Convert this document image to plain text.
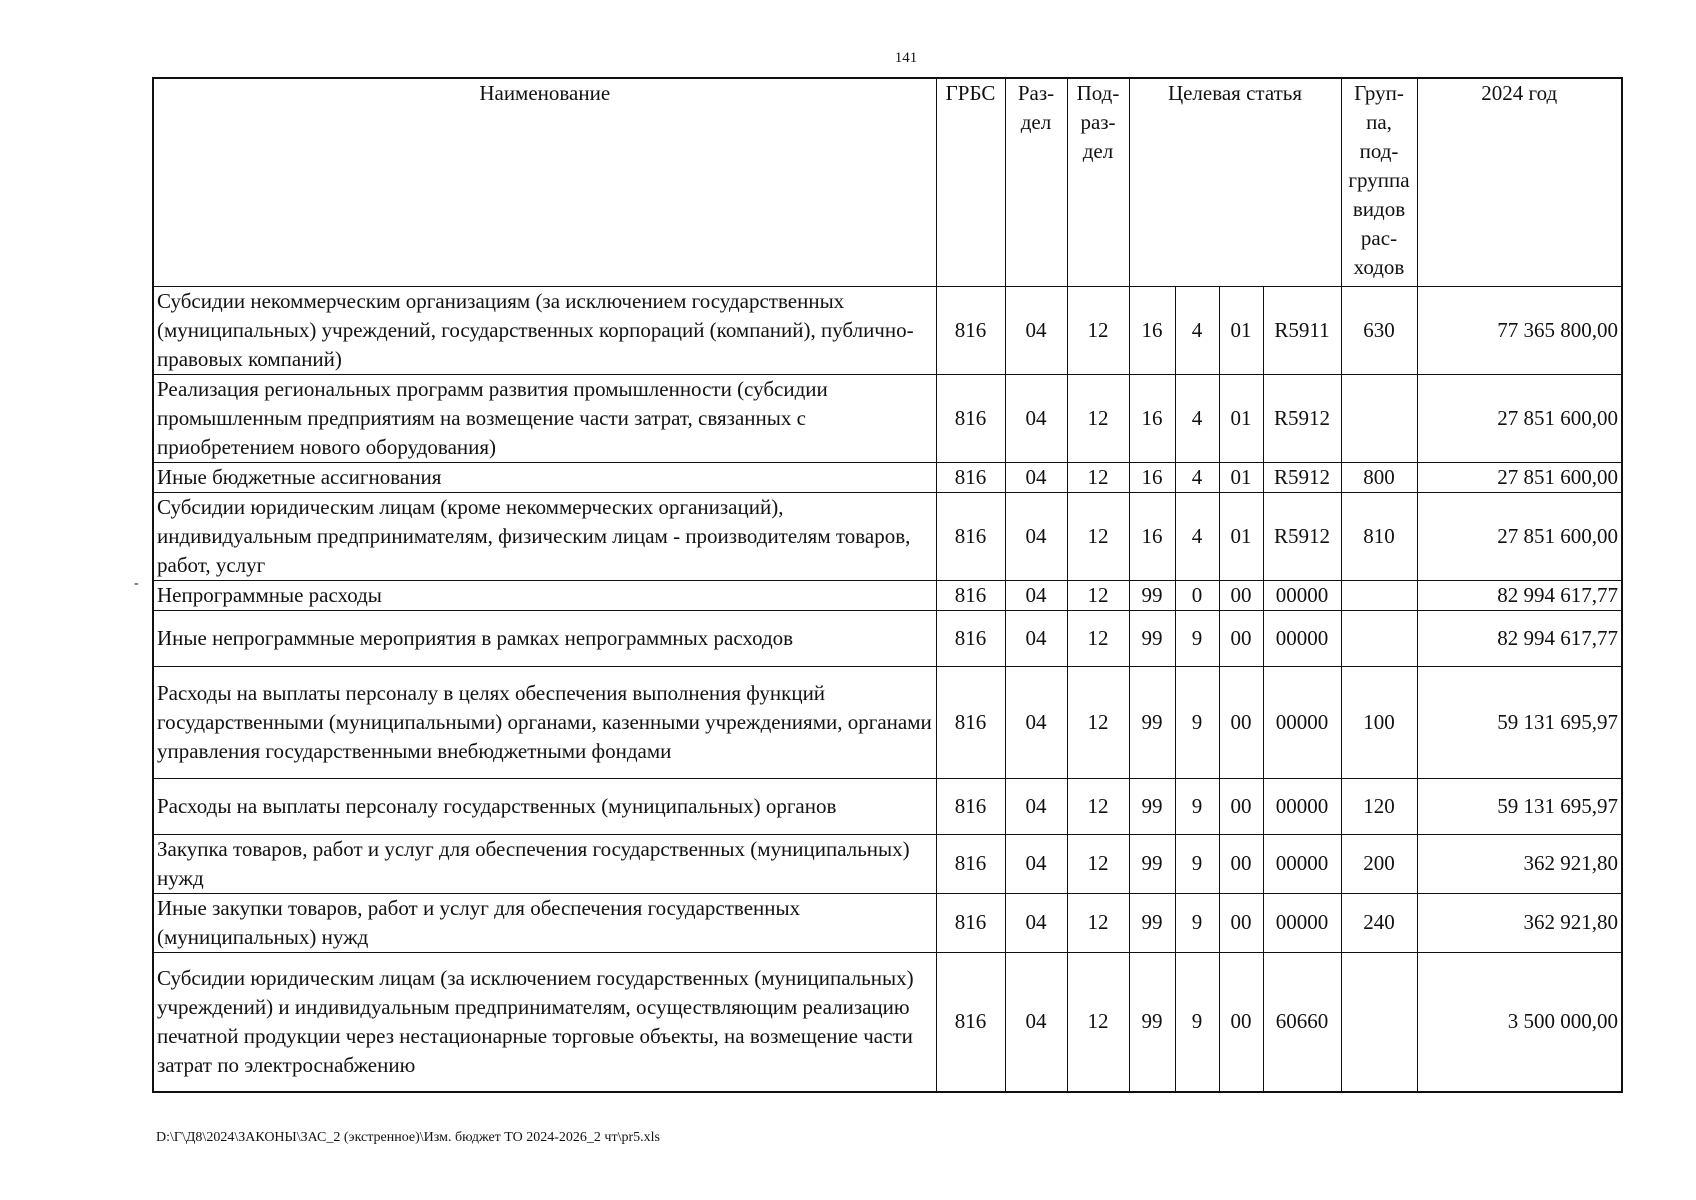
141
-
Наименование	ГРБС	Раз-дел	Под-раз-дел	Целевая статья				Груп-па, под-группа видов рас-ходов	2024 год
Субсидии некоммерческим организациям (за исключением государственных (муниципальных) учреждений, государственных корпораций (компаний), публично-правовых компаний)	816	04	12	16	4	01	R5911	630	77 365 800,00
Реализация региональных программ развития промышленности (субсидии промышленным предприятиям на возмещение части затрат, связанных с приобретением нового оборудования)	816	04	12	16	4	01	R5912		27 851 600,00
Иные бюджетные ассигнования	816	04	12	16	4	01	R5912	800	27 851 600,00
Субсидии юридическим лицам (кроме некоммерческих организаций), индивидуальным предпринимателям, физическим лицам - производителям товаров, работ, услуг	816	04	12	16	4	01	R5912	810	27 851 600,00
Непрограммные расходы	816	04	12	99	0	00	00000		82 994 617,77
Иные непрограммные мероприятия в рамках непрограммных расходов	816	04	12	99	9	00	00000		82 994 617,77
Расходы на выплаты персоналу в целях обеспечения выполнения функций государственными (муниципальными) органами, казенными учреждениями, органами управления государственными внебюджетными фондами	816	04	12	99	9	00	00000	100	59 131 695,97
Расходы на выплаты персоналу государственных (муниципальных) органов	816	04	12	99	9	00	00000	120	59 131 695,97
Закупка товаров, работ и услуг для обеспечения государственных (муниципальных) нужд	816	04	12	99	9	00	00000	200	362 921,80
Иные закупки товаров, работ и услуг для обеспечения государственных (муниципальных) нужд	816	04	12	99	9	00	00000	240	362 921,80
Субсидии юридическим лицам (за исключением государственных (муниципальных) учреждений) и индивидуальным предпринимателям, осуществляющим реализацию печатной продукции через нестационарные торговые объекты, на возмещение части затрат по электроснабжению	816	04	12	99	9	00	60660		3 500 000,00
D:\Г\Д8\2024\ЗАКОНЫ\ЗАС_2 (экстренное)\Изм. бюджет ТО 2024-2026_2 чт\pr5.xls
